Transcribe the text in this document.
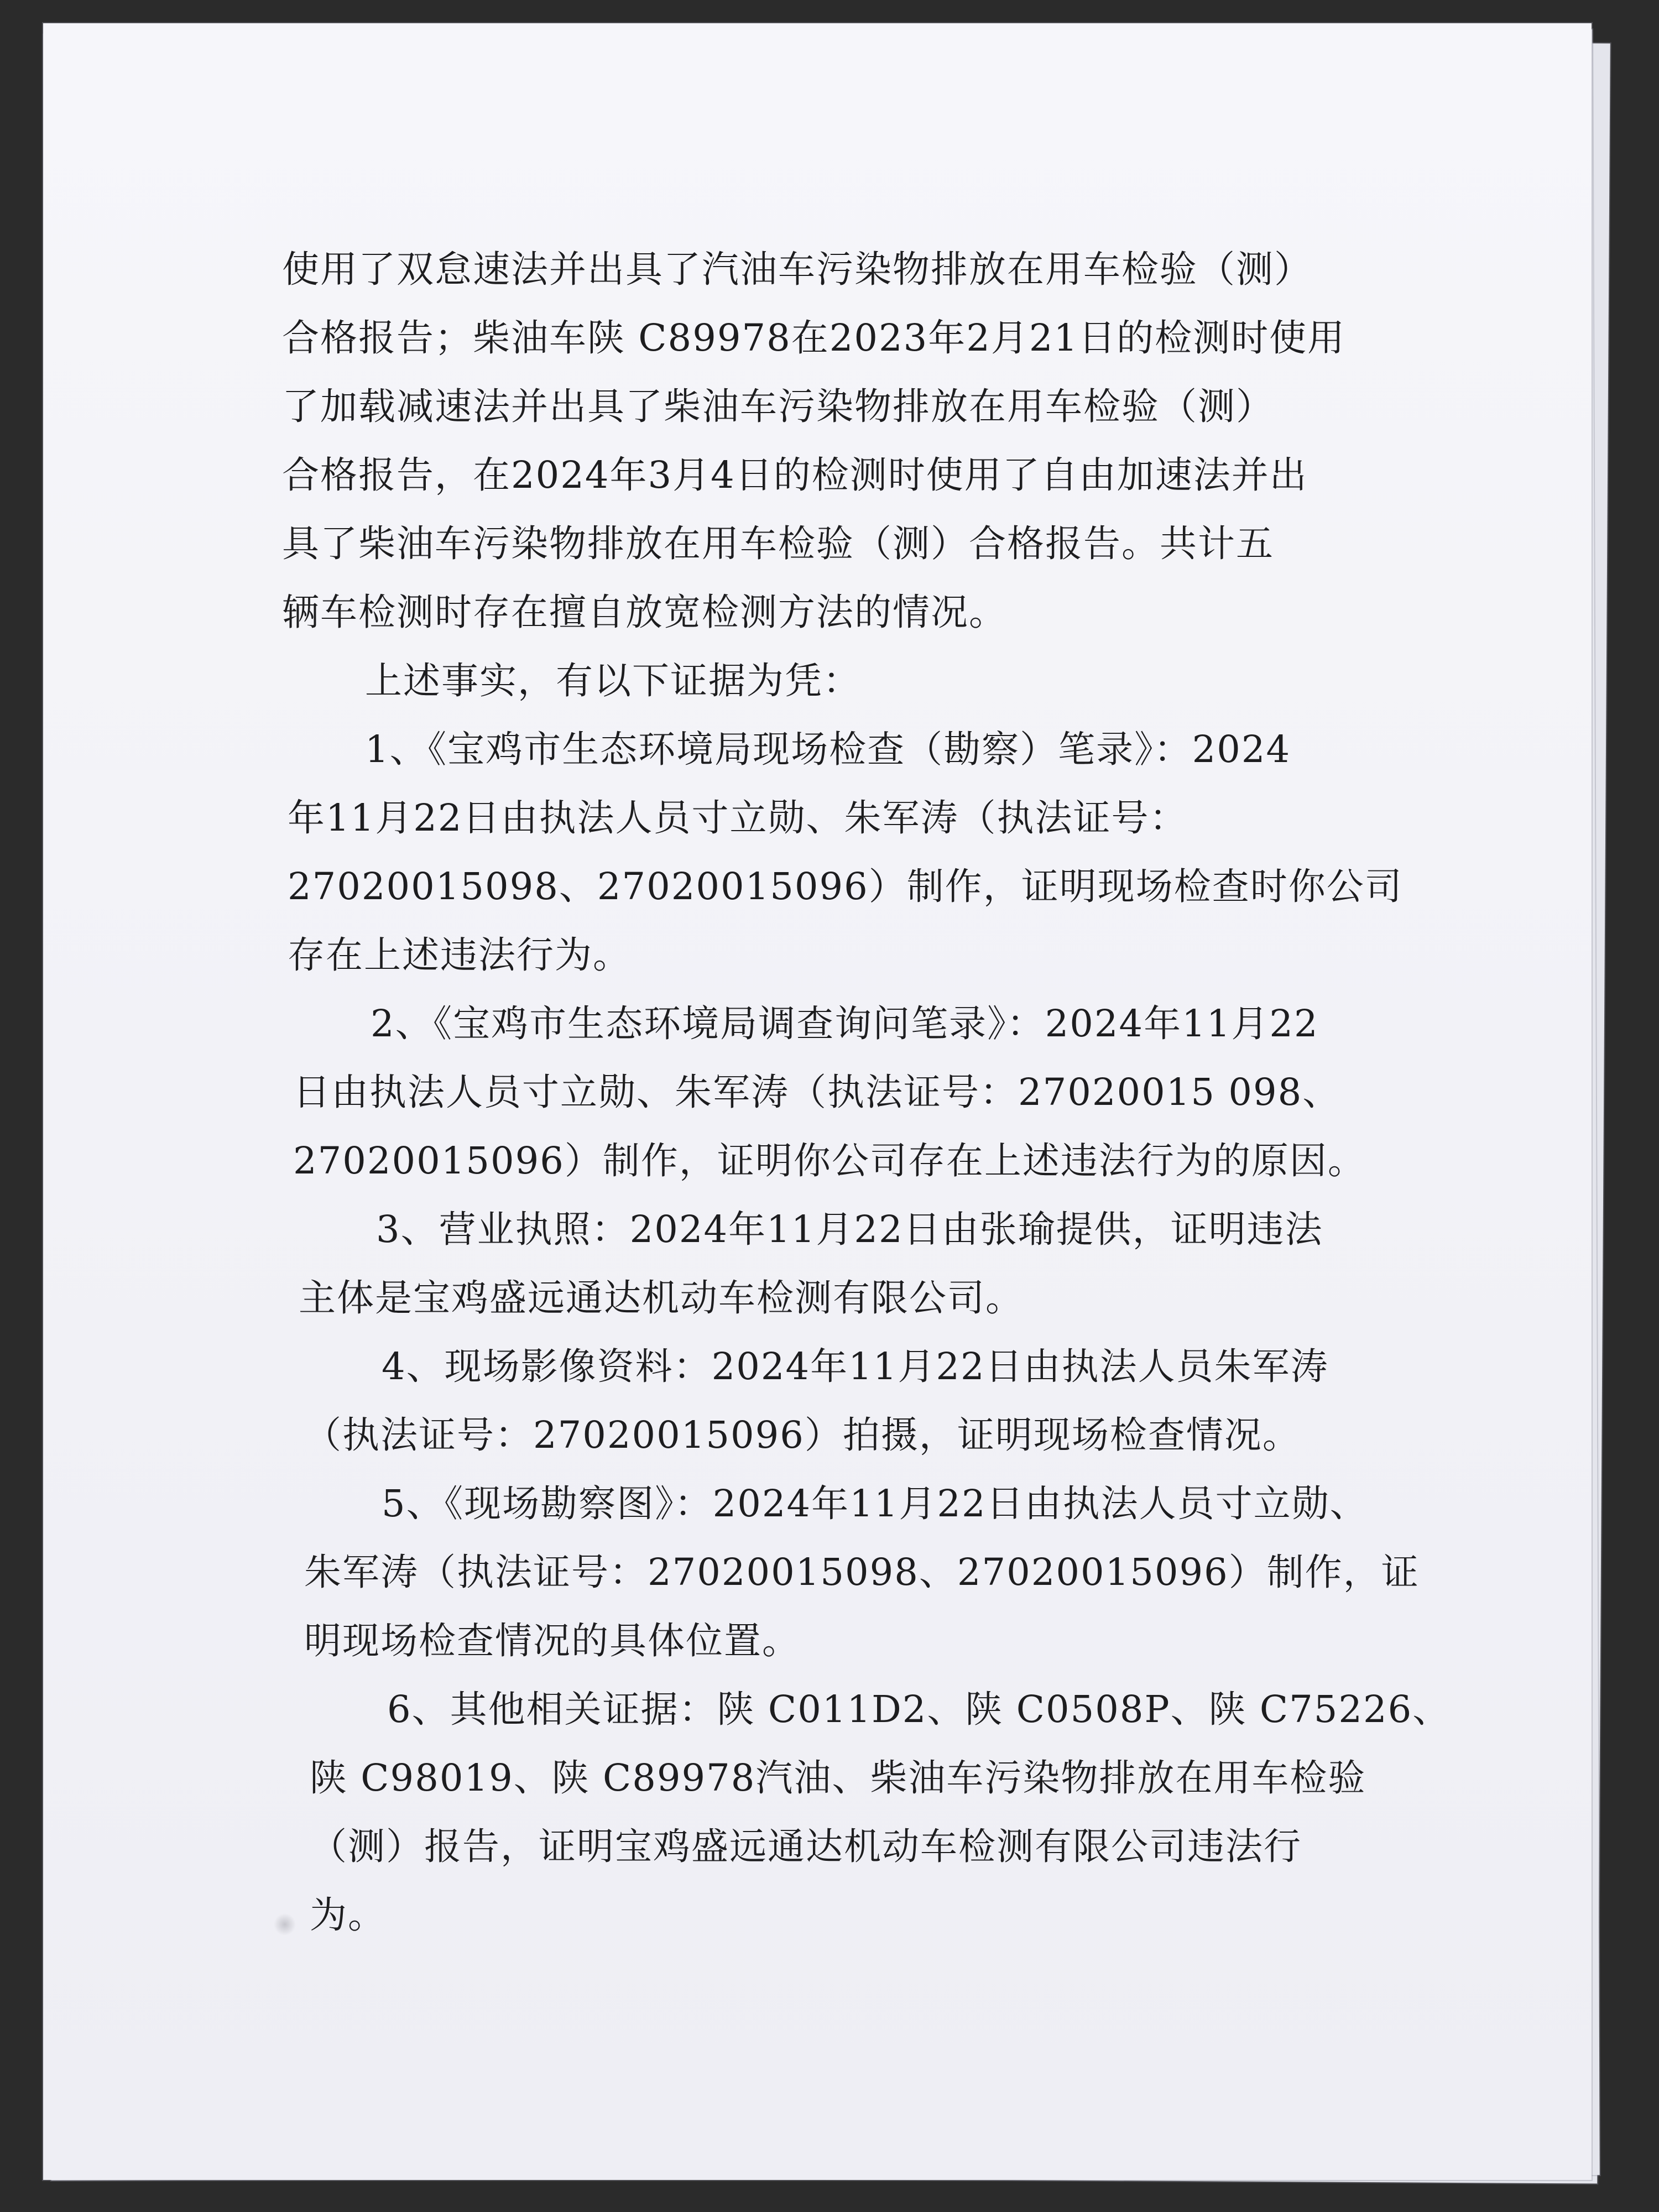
使用了双怠速法并出具了汽油车污染物排放在用车检验（测）
合格报告；柴油车陕 C89978在2023年2月21日的检测时使用
了加载减速法并出具了柴油车污染物排放在用车检验（测）
合格报告，在2024年3月4日的检测时使用了自由加速法并出
具了柴油车污染物排放在用车检验（测）合格报告。共计五
辆车检测时存在擅自放宽检测方法的情况。
上述事实，有以下证据为凭：
1、《宝鸡市生态环境局现场检查（勘察）笔录》：2024
年11月22日由执法人员寸立勋、朱军涛（执法证号：
27020015098、27020015096）制作，证明现场检查时你公司
存在上述违法行为。
2、《宝鸡市生态环境局调查询问笔录》：2024年11月22
日由执法人员寸立勋、朱军涛（执法证号：27020015 098、
27020015096）制作，证明你公司存在上述违法行为的原因。
3、营业执照：2024年11月22日由张瑜提供，证明违法
主体是宝鸡盛远通达机动车检测有限公司。
4、现场影像资料：2024年11月22日由执法人员朱军涛
（执法证号：27020015096）拍摄，证明现场检查情况。
5、《现场勘察图》：2024年11月22日由执法人员寸立勋、
朱军涛（执法证号：27020015098、27020015096）制作，证
明现场检查情况的具体位置。
6、其他相关证据：陕 C011D2、陕 C0508P、陕 C75226、
陕 C98019、陕 C89978汽油、柴油车污染物排放在用车检验
（测）报告，证明宝鸡盛远通达机动车检测有限公司违法行
为。
